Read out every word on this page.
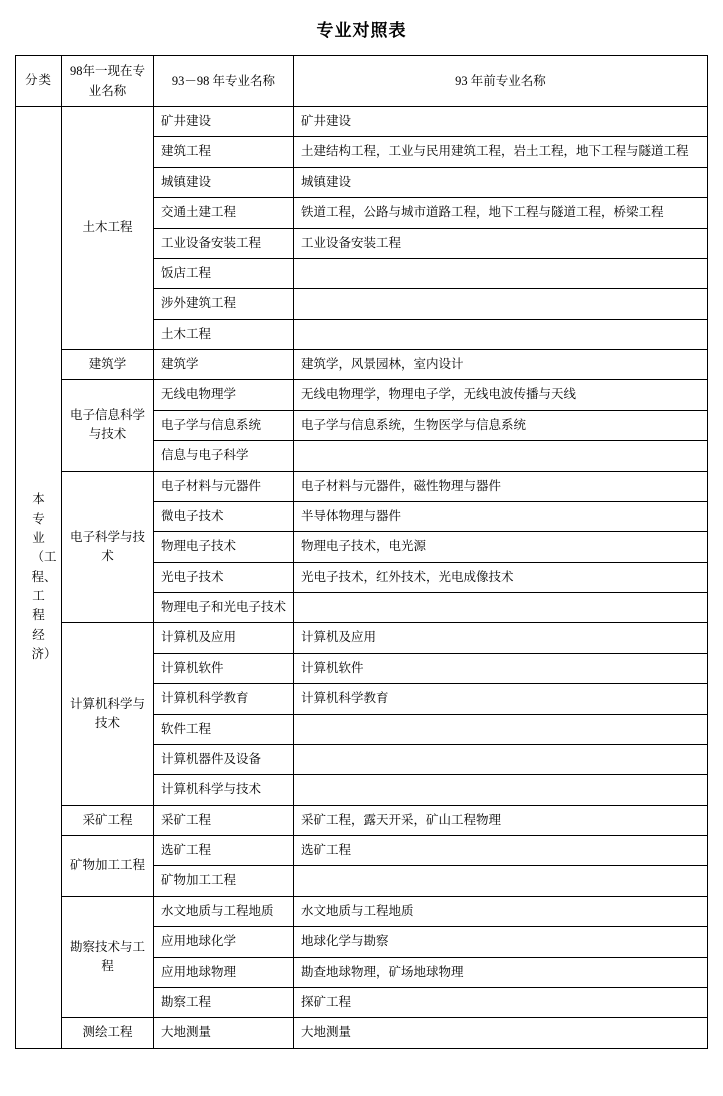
专业对照表
分类	98年一现在专业名称	93－98 年专业名称	93 年前专业名称

本专业（工程、工程经济）	土木工程	矿井建设	矿井建设
		建筑工程	土建结构工程，工业与民用建筑工程，岩土工程，地下工程与隧道工程
		城镇建设	城镇建设
		交通土建工程	铁道工程，公路与城市道路工程，地下工程与隧道工程，桥梁工程
		工业设备安装工程	工业设备安装工程
		饭店工程	
		涉外建筑工程	
		土木工程	
	建筑学	建筑学	建筑学，风景园林，室内设计
	电子信息科学与技术	无线电物理学	无线电物理学，物理电子学，无线电波传播与天线
		电子学与信息系统	电子学与信息系统，生物医学与信息系统
		信息与电子科学	
	电子科学与技术	电子材料与元器件	电子材料与元器件，磁性物理与器件
		微电子技术	半导体物理与器件
		物理电子技术	物理电子技术，电光源
		光电子技术	光电子技术，红外技术，光电成像技术
		物理电子和光电子技术	
	计算机科学与技术	计算机及应用	计算机及应用
		计算机软件	计算机软件
		计算机科学教育	计算机科学教育
		软件工程	
		计算机器件及设备	
		计算机科学与技术	
	采矿工程	采矿工程	采矿工程，露天开采，矿山工程物理
	矿物加工工程	选矿工程	选矿工程
		矿物加工工程	
	勘察技术与工程	水文地质与工程地质	水文地质与工程地质
		应用地球化学	地球化学与勘察
		应用地球物理	勘查地球物理，矿场地球物理
		勘察工程	探矿工程
	测绘工程	大地测量	大地测量
